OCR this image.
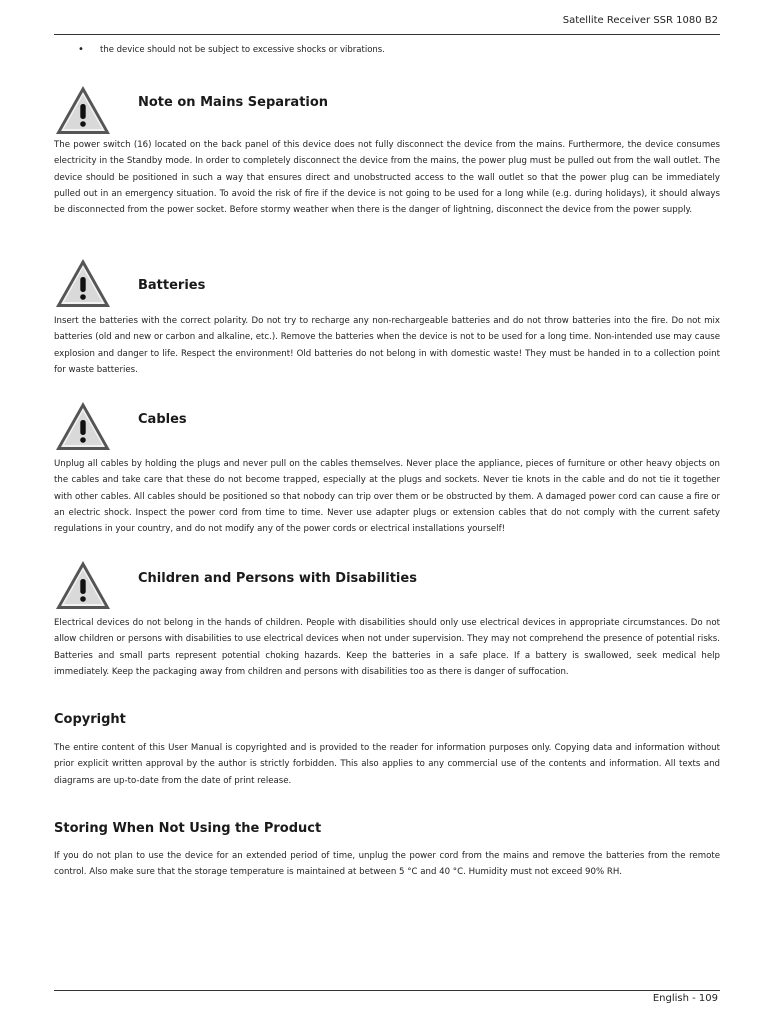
Satellite Receiver SSR 1080 B2
• the device should not be subject to excessive shocks or vibrations.
Note on Mains Separation
The power switch (16) located on the back panel of this device does not fully disconnect the device from the mains. Furthermore, the device consumes electricity in the Standby mode. In order to completely disconnect the device from the mains, the power plug must be pulled out from the wall outlet. The device should be positioned in such a way that ensures direct and unobstructed access to the wall outlet so that the power plug can be immediately pulled out in an emergency situation. To avoid the risk of fire if the device is not going to be used for a long while (e.g. during holidays), it should always be disconnected from the power socket. Before stormy weather when there is the danger of lightning, disconnect the device from the power supply.
Batteries
Insert the batteries with the correct polarity. Do not try to recharge any non-rechargeable batteries and do not throw batteries into the fire. Do not mix batteries (old and new or carbon and alkaline, etc.). Remove the batteries when the device is not to be used for a long time. Non-intended use may cause explosion and danger to life. Respect the environment! Old batteries do not belong in with domestic waste! They must be handed in to a collection point for waste batteries.
Cables
Unplug all cables by holding the plugs and never pull on the cables themselves. Never place the appliance, pieces of furniture or other heavy objects on the cables and take care that these do not become trapped, especially at the plugs and sockets. Never tie knots in the cable and do not tie it together with other cables. All cables should be positioned so that nobody can trip over them or be obstructed by them. A damaged power cord can cause a fire or an electric shock. Inspect the power cord from time to time. Never use adapter plugs or extension cables that do not comply with the current safety regulations in your country, and do not modify any of the power cords or electrical installations yourself!
Children and Persons with Disabilities
Electrical devices do not belong in the hands of children. People with disabilities should only use electrical devices in appropriate circumstances. Do not allow children or persons with disabilities to use electrical devices when not under supervision. They may not comprehend the presence of potential risks. Batteries and small parts represent potential choking hazards. Keep the batteries in a safe place. If a battery is swallowed, seek medical help immediately. Keep the packaging away from children and persons with disabilities too as there is danger of suffocation.
Copyright
The entire content of this User Manual is copyrighted and is provided to the reader for information purposes only. Copying data and information without prior explicit written approval by the author is strictly forbidden. This also applies to any commercial use of the contents and information. All texts and diagrams are up-to-date from the date of print release.
Storing When Not Using the Product
If you do not plan to use the device for an extended period of time, unplug the power cord from the mains and remove the batteries from the remote control. Also make sure that the storage temperature is maintained at between 5 °C and 40 °C. Humidity must not exceed 90% RH.
English - 109
